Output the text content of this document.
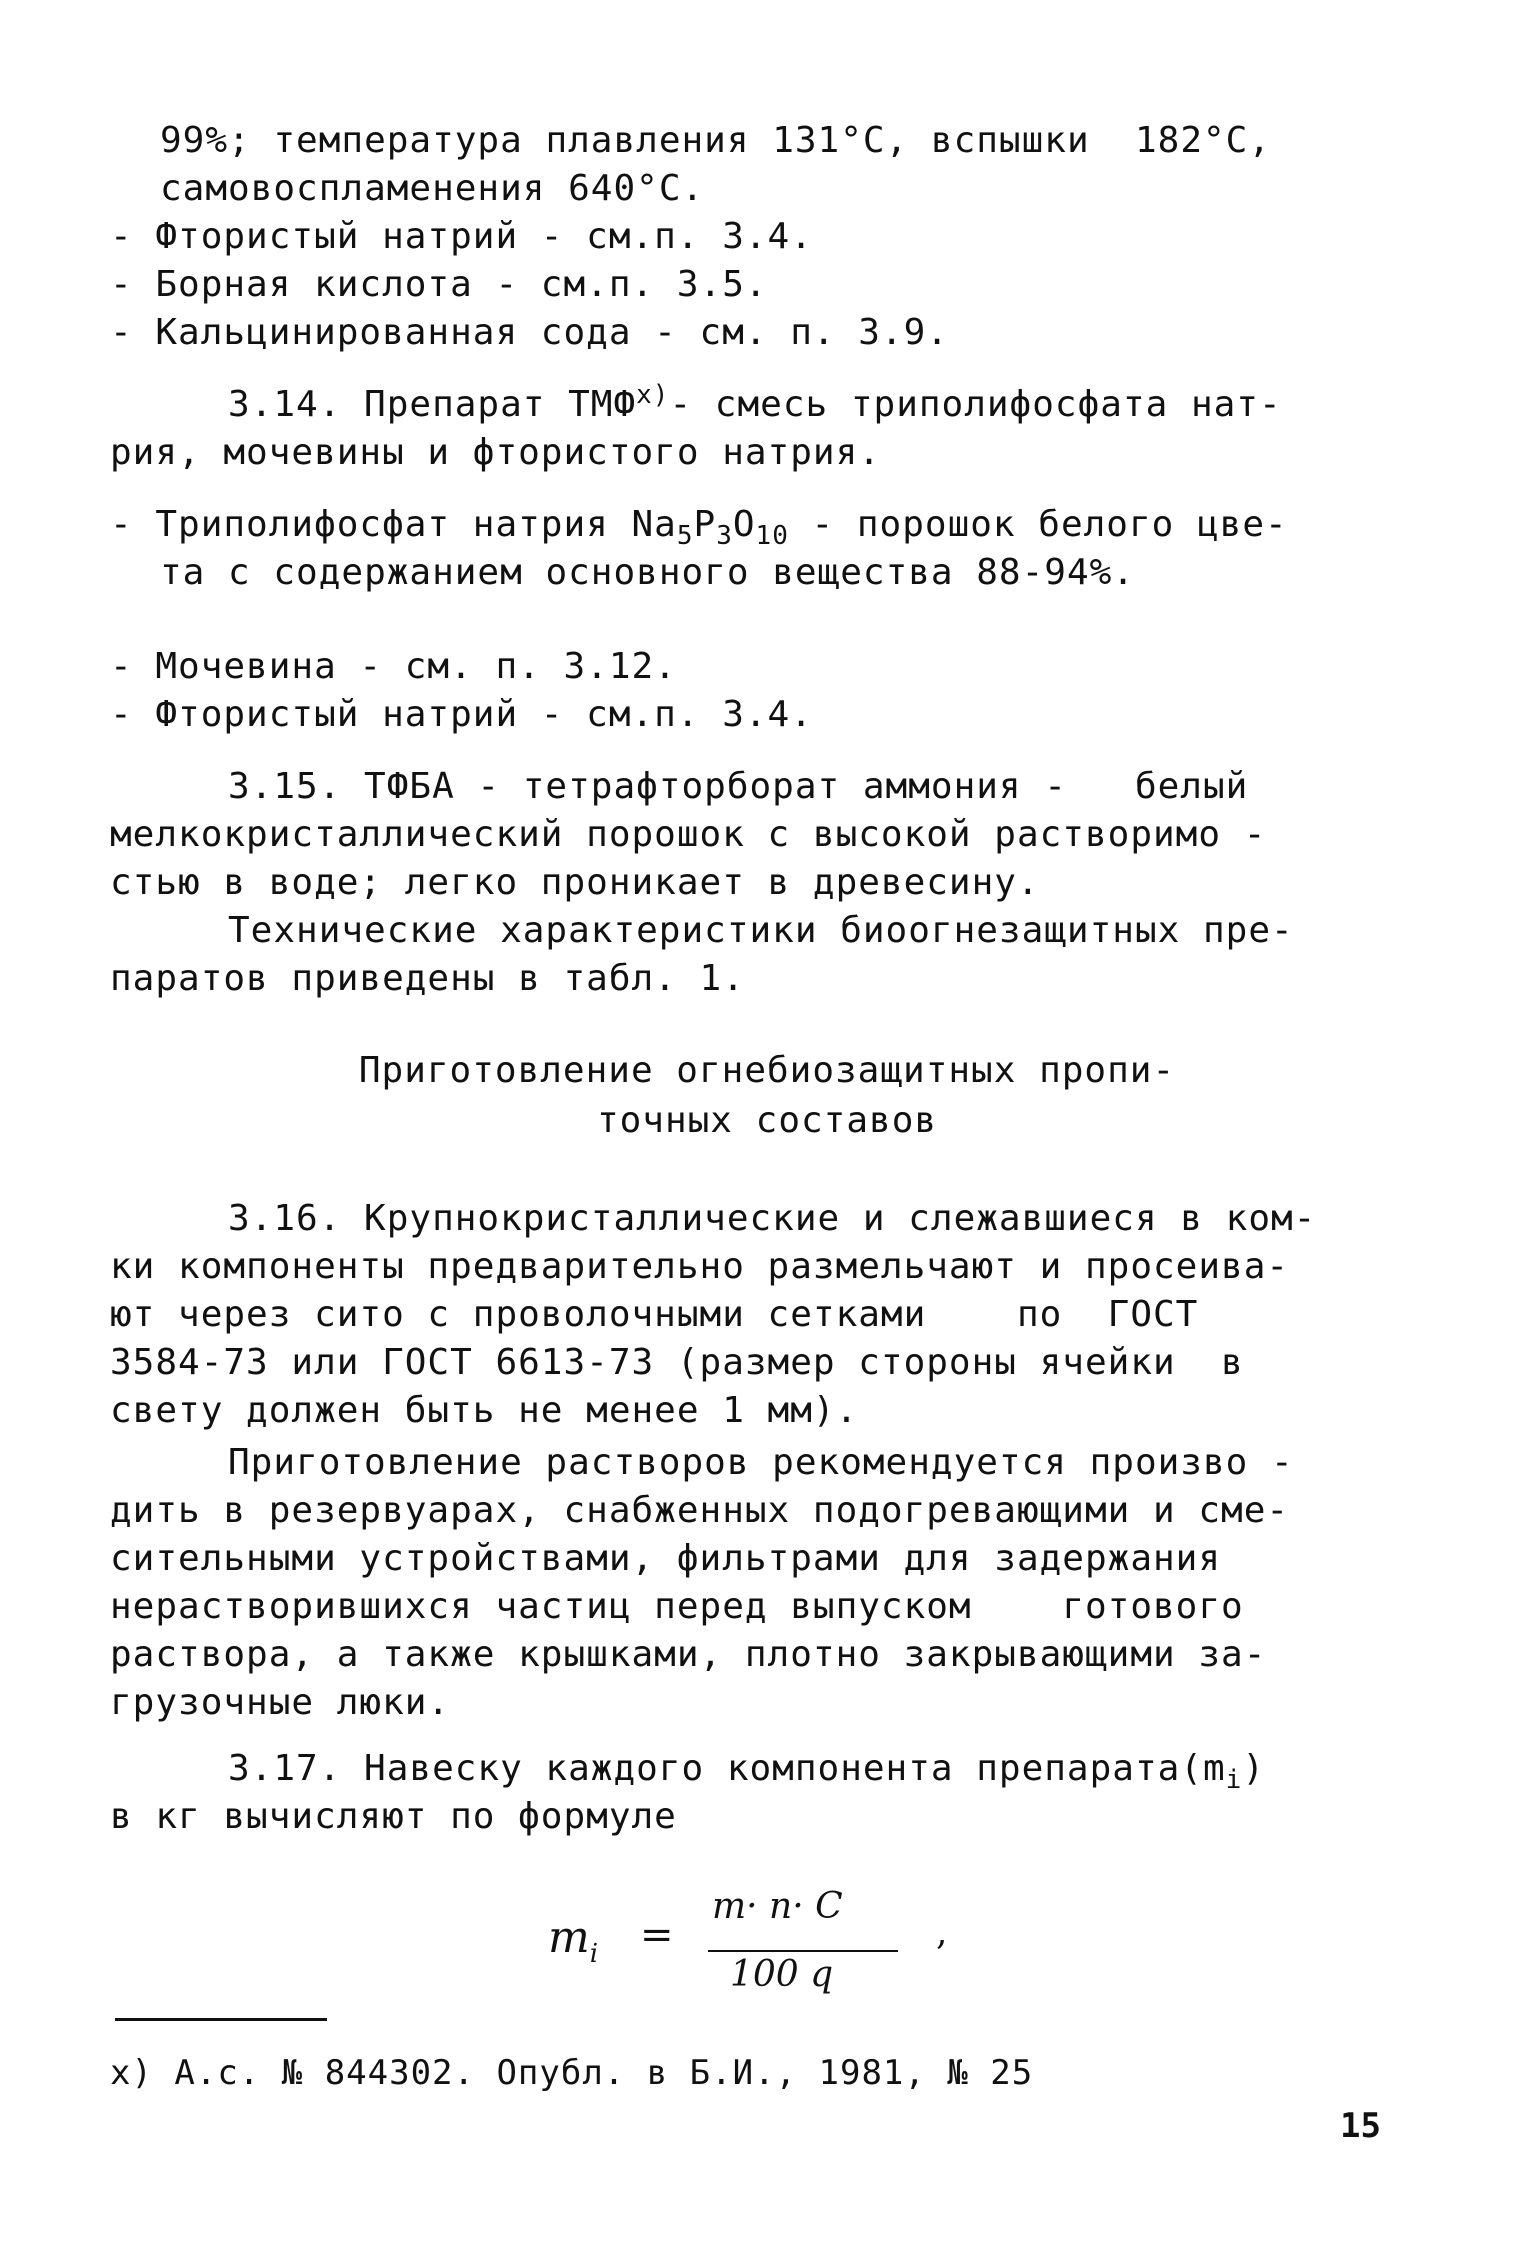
99%; температура плавления 131°С, вспышки  182°С,
самовоспламенения 640°С.
- Фтористый натрий - см.п. 3.4.
- Борная кислота - см.п. 3.5.
- Кальцинированная сода - см. п. 3.9.
3.14. Препарат ТМФ$^{x)}$- смесь триполифосфата нат-
рия, мочевины и фтористого натрия.
- Триполифосфат натрия $Na_5P_3O_{10}$ - порошок белого цве-
та с содержанием основного вещества 88-94%.
- Мочевина - см. п. 3.12.
- Фтористый натрий - см.п. 3.4.
3.15. ТФБА - тетрафторборат аммония -   белый
мелкокристаллический порошок с высокой растворимо -
стью в воде; легко проникает в древесину.
Технические характеристики биоогнезащитных пре-
паратов приведены в табл. 1.
Приготовление огнебиозащитных пропи-
точных составов
3.16. Крупнокристаллические и слежавшиеся в ком-
ки компоненты предварительно размельчают и просеива-
ют через сито с проволочными сетками    по  ГОСТ
3584-73 или ГОСТ 6613-73 (размер стороны ячейки  в
свету должен быть не менее 1 мм).
Приготовление растворов рекомендуется произво -
дить в резервуарах, снабженных подогревающими и сме-
сительными устройствами, фильтрами для задержания
нерастворившихся частиц перед выпуском    готового
раствора, а также крышками, плотно закрывающими за-
грузочные люки.
3.17. Навеску каждого компонента $препарата(m_i)$
в кг вычисляют по формуле
$m_i$ =
m· n· C
100 q
,
x) А.с. № 844302. Опубл. в Б.И., 1981, № 25
15
